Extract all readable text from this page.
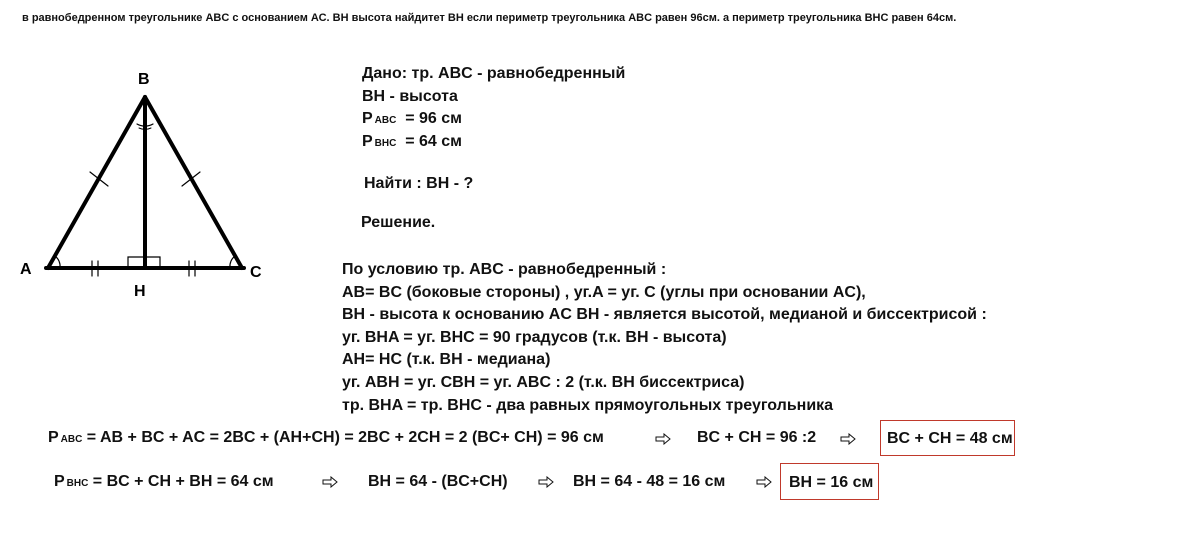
в равнобедренном треугольнике ABC с основанием АС. ВН высота найдитет ВН если периметр треугольника ABC равен 96см. а периметр треугольника ВНС равен 64см.
B
A	C
H
Дано: тр. ABC - равнобедренный
BH - высота
PABC = 96 см
PBHC = 64 см
Найти : BH - ?
Решение.
По условию тр. ABC - равнобедренный :
AB= BC (боковые стороны) , уг.A = уг. C (углы при основании AC),
BH - высота к основанию AC BH - является высотой, медианой и биссектрисой :
уг. BHA = уг. BHC = 90 градусов (т.к. BH - высота)
AH= HC (т.к. BH - медиана)
уг. ABH = уг. CBH = уг. ABC : 2 (т.к. BH биссектриса)
тр. BHA = тр. BHC - два равных прямоугольных треугольника
PABC = AB + BC + AC = 2BC + (AH+CH) = 2BC + 2CH = 2 (BC+ CH) = 96 см	BC + CH = 96 :2	BC + CH = 48 см
PBHC = BC + CH + BH = 64 см	BH = 64 - (BC+CH)	BH = 64 - 48 = 16 см	BH = 16 см
